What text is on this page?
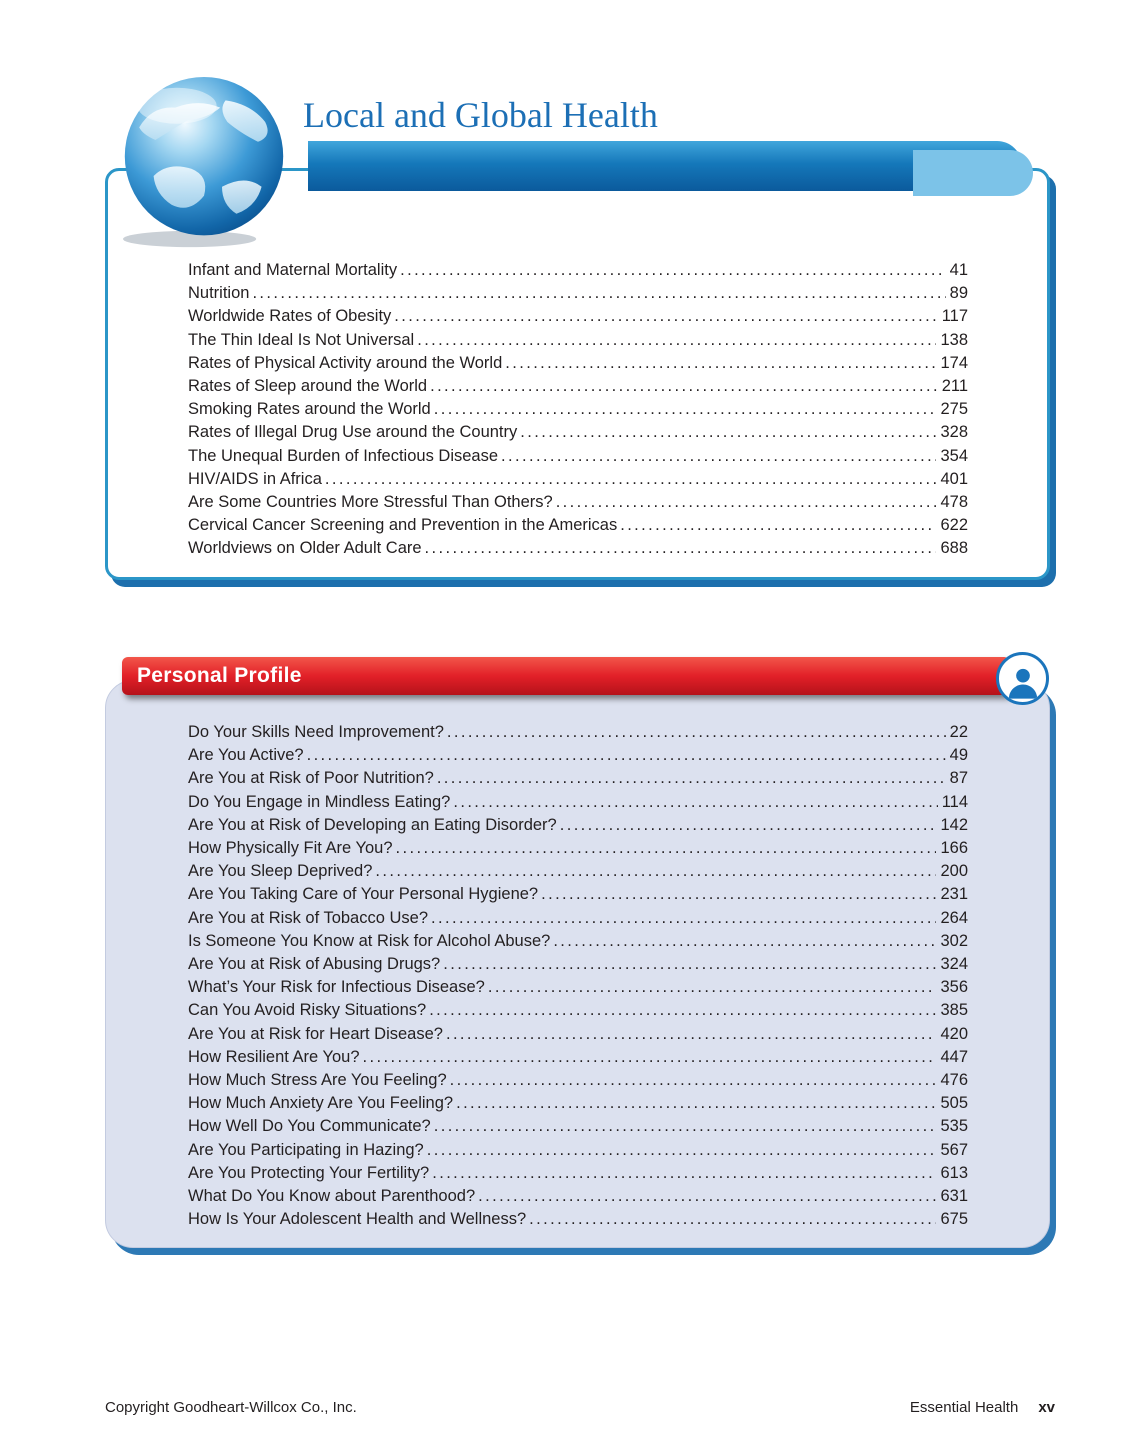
Infant and Maternal Mortality .....	41
Nutrition .....	89
Worldwide Rates of Obesity .....	117
The Thin Ideal Is Not Universal .....	138
Rates of Physical Activity around the World .....	174
Rates of Sleep around the World .....	211
Smoking Rates around the World .....	275
Rates of Illegal Drug Use around the Country .....	328
The Unequal Burden of Infectious Disease .....	354
HIV/AIDS in Africa .....	401
Are Some Countries More Stressful Than Others? .....	478
Cervical Cancer Screening and Prevention in the Americas .....	622
Worldviews on Older Adult Care .....	688
Local and Global Health
Do Your Skills Need Improvement? .....	22
Are You Active? .....	49
Are You at Risk of Poor Nutrition? .....	87
Do You Engage in Mindless Eating? .....	114
Are You at Risk of Developing an Eating Disorder? .....	142
How Physically Fit Are You? .....	166
Are You Sleep Deprived? .....	200
Are You Taking Care of Your Personal Hygiene? .....	231
Are You at Risk of Tobacco Use? .....	264
Is Someone You Know at Risk for Alcohol Abuse? .....	302
Are You at Risk of Abusing Drugs? .....	324
What’s Your Risk for Infectious Disease? .....	356
Can You Avoid Risky Situations? .....	385
Are You at Risk for Heart Disease? .....	420
How Resilient Are You? .....	447
How Much Stress Are You Feeling? .....	476
How Much Anxiety Are You Feeling? .....	505
How Well Do You Communicate? .....	535
Are You Participating in Hazing? .....	567
Are You Protecting Your Fertility? .....	613
What Do You Know about Parenthood? .....	631
How Is Your Adolescent Health and Wellness? .....	675
Personal Profile
Copyright Goodheart-Willcox Co., Inc.	Essential Health xv
